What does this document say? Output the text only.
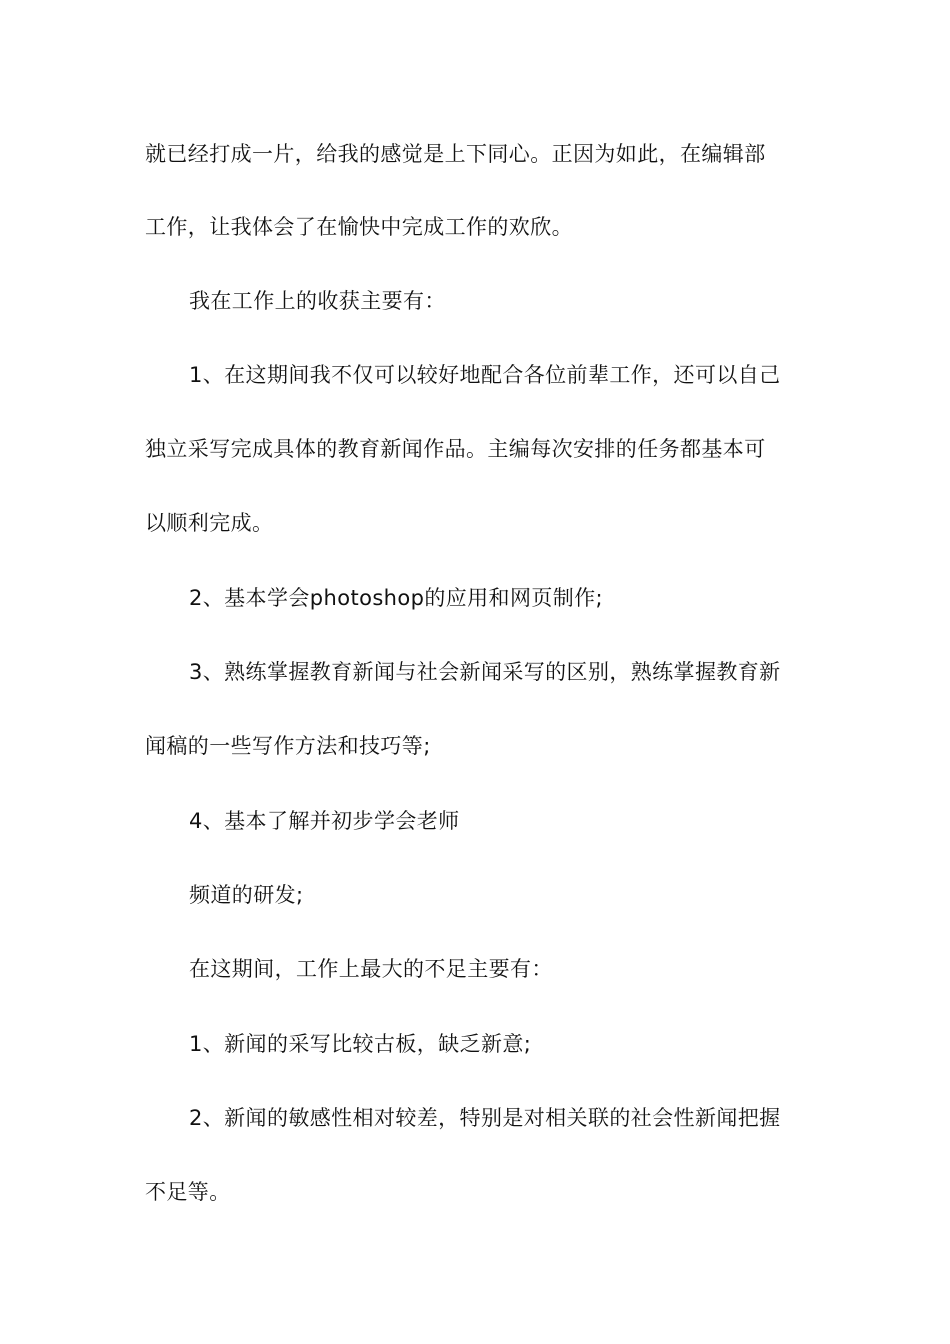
就已经打成一片，给我的感觉是上下同心。正因为如此，在编辑部
工作，让我体会了在愉快中完成工作的欢欣。
我在工作上的收获主要有：
1、在这期间我不仅可以较好地配合各位前辈工作，还可以自己
独立采写完成具体的教育新闻作品。主编每次安排的任务都基本可
以顺利完成。
2、基本学会photoshop的应用和网页制作;
3、熟练掌握教育新闻与社会新闻采写的区别，熟练掌握教育新
闻稿的一些写作方法和技巧等;
4、基本了解并初步学会老师
频道的研发;
在这期间，工作上最大的不足主要有：
1、新闻的采写比较古板，缺乏新意;
2、新闻的敏感性相对较差，特别是对相关联的社会性新闻把握
不足等。
